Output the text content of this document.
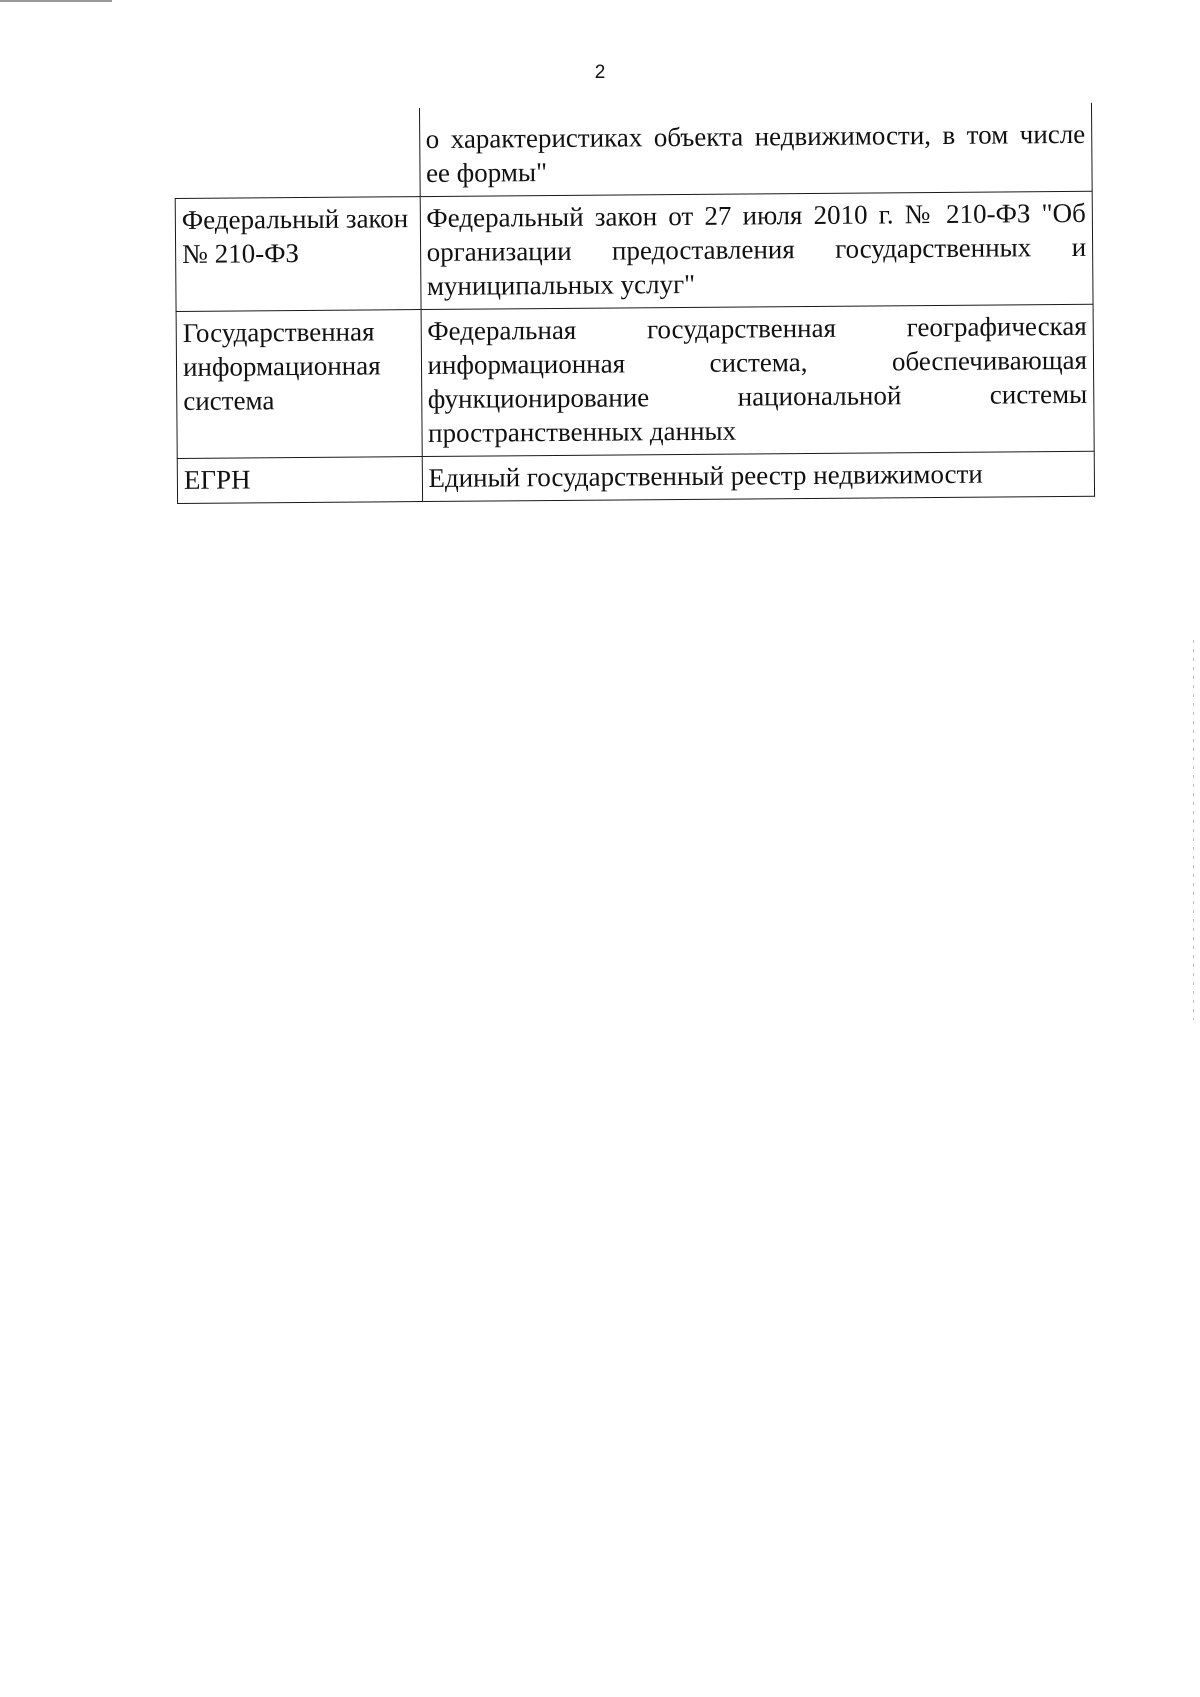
2
	о характеристиках объекта недвижимости, в том числе ее формы"
Федеральный закон № 210-ФЗ	Федеральный закон от 27 июля 2010 г. № 210-ФЗ "Об организации предоставления государственных и муниципальных услуг"
Государственная информационная система	Федеральная государственная географическая информационная система, обеспечивающая функционирование национальной системы пространственных данных
ЕГРН	Единый государственный реестр недвижимости
